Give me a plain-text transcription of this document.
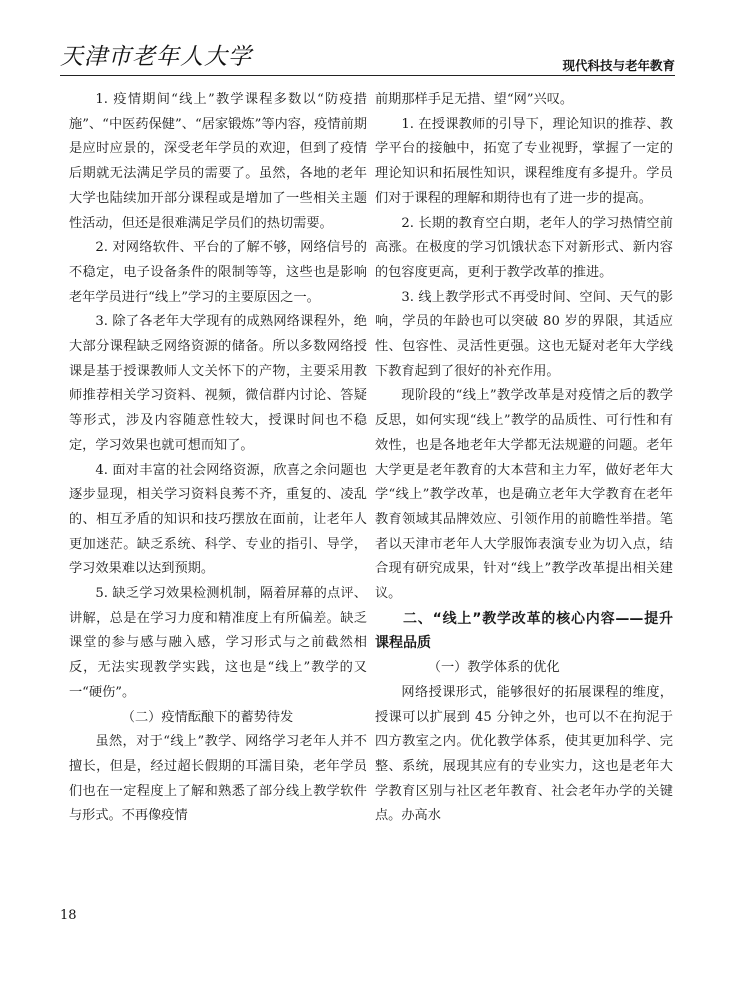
天津市老年人大学	现代科技与老年教育

1. 疫情期间“线上”教学课程多数以“防疫措施”、“中医药保健”、“居家锻炼”等内容，疫情前期是应时应景的，深受老年学员的欢迎，但到了疫情后期就无法满足学员的需要了。虽然，各地的老年大学也陆续加开部分课程或是增加了一些相关主题性活动，但还是很难满足学员们的热切需要。

2. 对网络软件、平台的了解不够，网络信号的不稳定，电子设备条件的限制等等，这些也是影响老年学员进行“线上”学习的主要原因之一。

3. 除了各老年大学现有的成熟网络课程外，绝大部分课程缺乏网络资源的储备。所以多数网络授课是基于授课教师人文关怀下的产物，主要采用教师推荐相关学习资料、视频，微信群内讨论、答疑等形式，涉及内容随意性较大，授课时间也不稳定，学习效果也就可想而知了。

4. 面对丰富的社会网络资源，欣喜之余问题也逐步显现，相关学习资料良莠不齐，重复的、凌乱的、相互矛盾的知识和技巧摆放在面前，让老年人更加迷茫。缺乏系统、科学、专业的指引、导学，学习效果难以达到预期。

5. 缺乏学习效果检测机制，隔着屏幕的点评、讲解，总是在学习力度和精准度上有所偏差。缺乏课堂的参与感与融入感，学习形式与之前截然相反，无法实现教学实践，这也是“线上”教学的又一“硬伤”。

（二）疫情酝酿下的蓄势待发

虽然，对于“线上”教学、网络学习老年人并不擅长，但是，经过超长假期的耳濡目染，老年学员们也在一定程度上了解和熟悉了部分线上教学软件与形式。不再像疫情

前期那样手足无措、望“网”兴叹。

1. 在授课教师的引导下，理论知识的推荐、教学平台的接触中，拓宽了专业视野，掌握了一定的理论知识和拓展性知识，课程维度有多提升。学员们对于课程的理解和期待也有了进一步的提高。

2. 长期的教育空白期，老年人的学习热情空前高涨。在极度的学习饥饿状态下对新形式、新内容的包容度更高，更利于教学改革的推进。

3. 线上教学形式不再受时间、空间、天气的影响，学员的年龄也可以突破 80 岁的界限，其适应性、包容性、灵活性更强。这也无疑对老年大学线下教育起到了很好的补充作用。

现阶段的“线上”教学改革是对疫情之后的教学反思，如何实现“线上”教学的品质性、可行性和有效性，也是各地老年大学都无法规避的问题。老年大学更是老年教育的大本营和主力军，做好老年大学“线上”教学改革，也是确立老年大学教育在老年教育领域其品牌效应、引领作用的前瞻性举措。笔者以天津市老年人大学服饰表演专业为切入点，结合现有研究成果，针对“线上”教学改革提出相关建议。

二、“线上”教学改革的核心内容——提升课程品质
（一）教学体系的优化

网络授课形式，能够很好的拓展课程的维度，授课可以扩展到 45 分钟之外，也可以不在拘泥于四方教室之内。优化教学体系，使其更加科学、完整、系统，展现其应有的专业实力，这也是老年大学教育区别与社区老年教育、社会老年办学的关键点。办高水

18
